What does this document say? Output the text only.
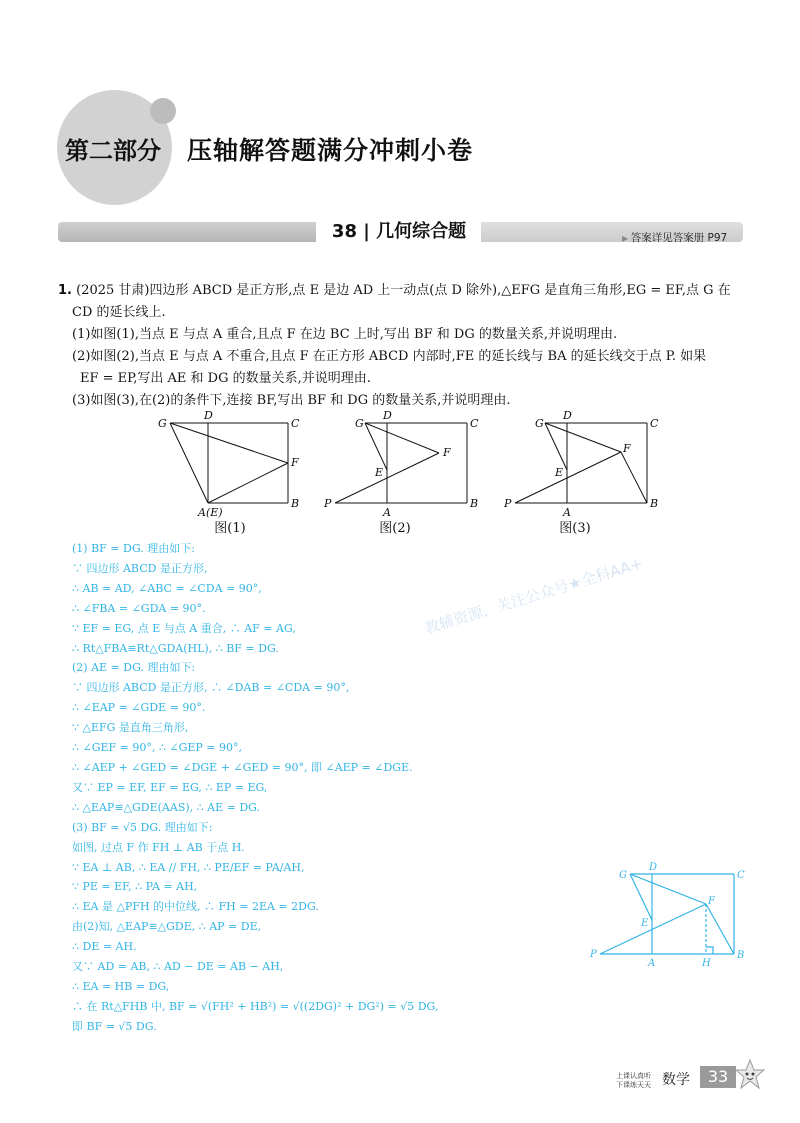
第二部分 压轴解答题满分冲刺小卷
38 | 几何综合题	▶ 答案详见答案册 P97

1. (2025 甘肃)四边形 ABCD 是正方形,点 E 是边 AD 上一动点(点 D 除外),△EFG 是直角三角形,EG = EF,点 G 在

CD 的延长线上.

(1)如图(1),当点 E 与点 A 重合,且点 F 在边 BC 上时,写出 BF 和 DG 的数量关系,并说明理由.

(2)如图(2),当点 E 与点 A 不重合,且点 F 在正方形 ABCD 内部时,FE 的延长线与 BA 的延长线交于点 P. 如果

EF = EP,写出 AE 和 DG 的数量关系,并说明理由.

(3)如图(3),在(2)的条件下,连接 BF,写出 BF 和 DG 的数量关系,并说明理由.

G
D
C
F
A(E)
B
图(1)
G
D
C
F
E
P
A
B
图(2)
G
D
C
F
E
P
A
B
图(3)
教辅资源，关注公众号★全科AA+

(1) BF = DG. 理由如下:

∵ 四边形 ABCD 是正方形,

∴ AB = AD, ∠ABC = ∠CDA = 90°,

∴ ∠FBA = ∠GDA = 90°.

∵ EF = EG, 点 E 与点 A 重合, ∴ AF = AG,

∴ Rt△FBA≌Rt△GDA(HL), ∴ BF = DG.

(2) AE = DG. 理由如下:

∵ 四边形 ABCD 是正方形, ∴ ∠DAB = ∠CDA = 90°,

∴ ∠EAP = ∠GDE = 90°.

∵ △EFG 是直角三角形,

∴ ∠GEF = 90°, ∴ ∠GEP = 90°,

∴ ∠AEP + ∠GED = ∠DGE + ∠GED = 90°, 即 ∠AEP = ∠DGE.

又∵ EP = EF, EF = EG, ∴ EP = EG,

∴ △EAP≌△GDE(AAS), ∴ AE = DG.

(3) BF = √5 DG. 理由如下:

如图, 过点 F 作 FH ⊥ AB 于点 H.

∵ EA ⊥ AB, ∴ EA // FH, ∴ PE/EF = PA/AH,

∵ PE = EF, ∴ PA = AH,

∴ EA 是 △PFH 的中位线, ∴ FH = 2EA = 2DG.

由(2)知, △EAP≌△GDE, ∴ AP = DE,

∴ DE = AH.

又∵ AD = AB, ∴ AD − DE = AB − AH,

∴ EA = HB = DG,

∴ 在 Rt△FHB 中, BF = √(FH² + HB²) = √((2DG)² + DG²) = √5 DG,

即 BF = √5 DG.

G
D
C
F
E
P
A	H
B
上课认真听
下课练天天 数学	33
